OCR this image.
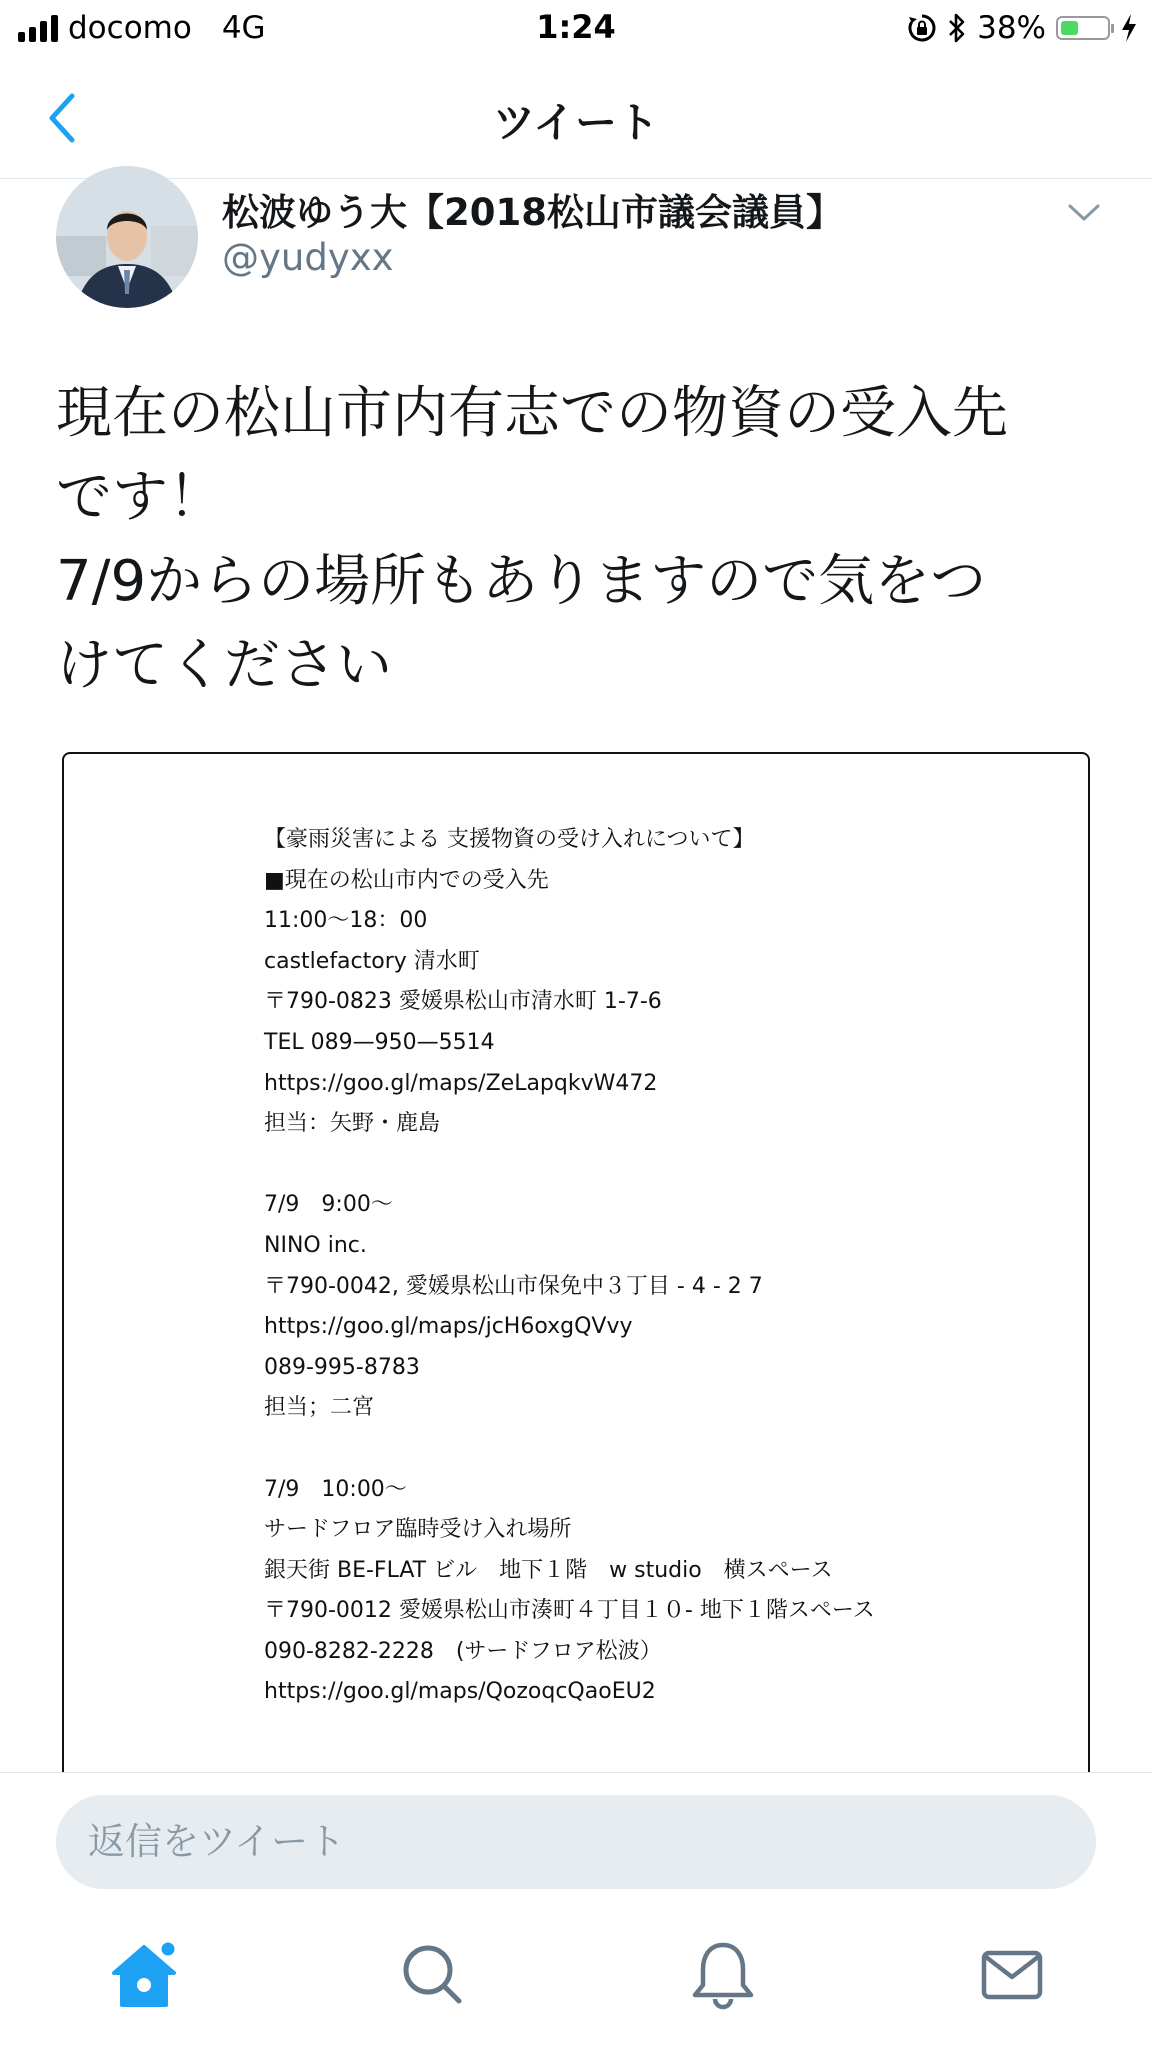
docomo 4G	1:24	38%
ツイート
松波ゆう大【2018松山市議会議員】
@yudyxx
現在の松山市内有志での物資の受入先
です！
7/9からの場所もありますので気をつ
けてください
【豪雨災害による 支援物資の受け入れについて】
■現在の松山市内での受入先
11:00〜18：00
castlefactory 清水町
〒790-0823 愛媛県松山市清水町 1-7-6
TEL 089—950—5514
https://goo.gl/maps/ZeLapqkvW472
担当：矢野・鹿島
7/9　9:00〜
NINO inc.
〒790-0042, 愛媛県松山市保免中３丁目 - 4 - 2 7
https://goo.gl/maps/jcH6oxgQVvy
089-995-8783
担当；二宮
7/9　10:00〜
サードフロア臨時受け入れ場所
銀天街 BE-FLAT ビル　地下１階　w studio　横スペース
〒790-0012 愛媛県松山市湊町４丁目１０- 地下１階スペース
090-8282-2228　(サードフロア松波）
https://goo.gl/maps/QozoqcQaoEU2
返信をツイート
